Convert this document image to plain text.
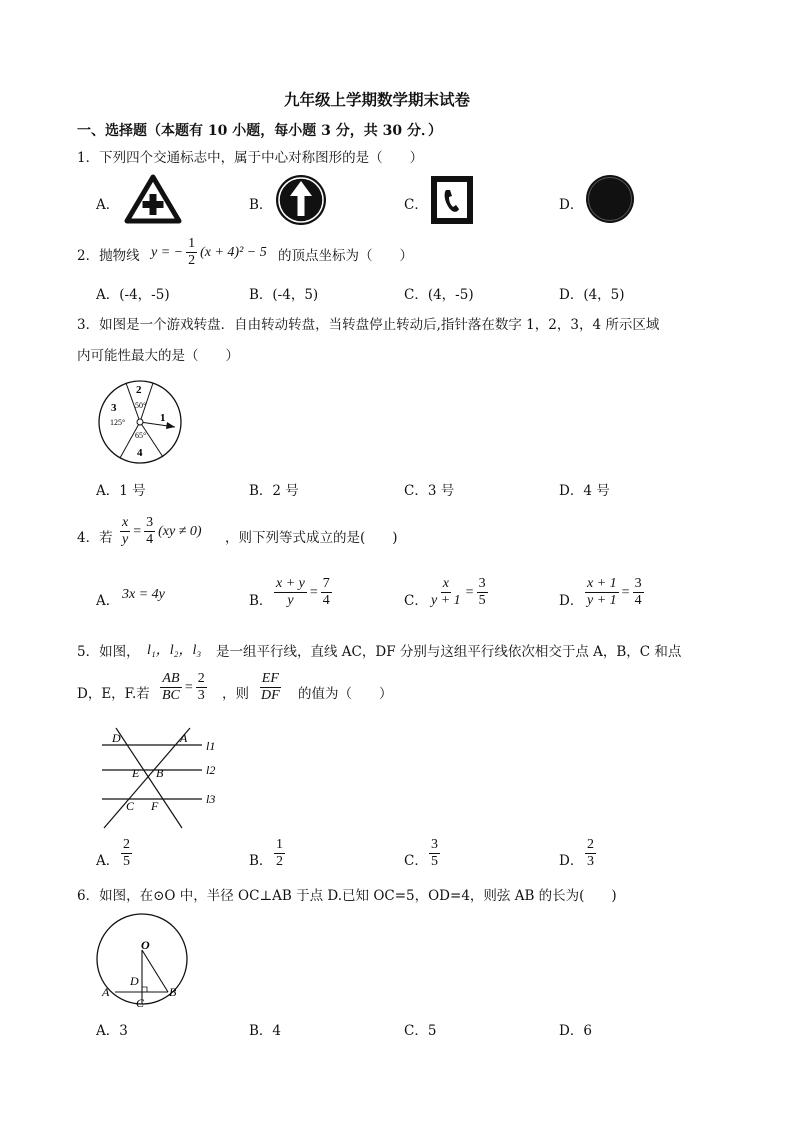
九年级上学期数学期末试卷
一、选择题（本题有 10 小题，每小题 3 分，共 30 分．）
1．下列四个交通标志中，属于中心对称图形的是（　　）
A．	B．	C．	D．
2．抛物线 y = − $\frac{1}{2} (x + 4)^2 - 5$ 的顶点坐标为（　　）
A．(-4，-5)	B．(-4，5)	C．(4，-5)	D．(4，5)
3．如图是一个游戏转盘．自由转动转盘，当转盘停止转动后,指针落在数字 1，2，3，4 所示区域
内可能性最大的是（　　）
2
3
1
4
50°
125°
65°
A．1 号	B．2 号	C．3 号	D．4 号
4．若 $\frac{x}{y} = \frac{3}{4} (xy \ne 0)$ ，则下列等式成立的是(　　)
A． 3x = 4y	B． $\frac{x + y}{y} = \frac{7}{4}$	C． $\frac{x}{y + 1} = \frac{3}{5}$	D． $\frac{x + 1}{y + 1} = \frac{3}{4}$
5．如图， l₁，l₂，l₃ 是一组平行线，直线 AC，DF 分别与这组平行线依次相交于点 A，B，C 和点
D，E，F.若 $\frac{AB}{BC} = \frac{2}{3}$ ，则 $\frac{EF}{DF}$ 的值为（　　）
D	A
E B
C F
l1
l2
l3
A． $\frac{2}{5}$	B． $\frac{1}{2}$	C． $\frac{3}{5}$	D． $\frac{2}{3}$
6．如图，在⊙O 中，半径 OC⊥AB 于点 D.已知 OC=5，OD=4，则弦 AB 的长为(　　)
O
D
A
C
B
A．3	B．4	C．5	D．6
